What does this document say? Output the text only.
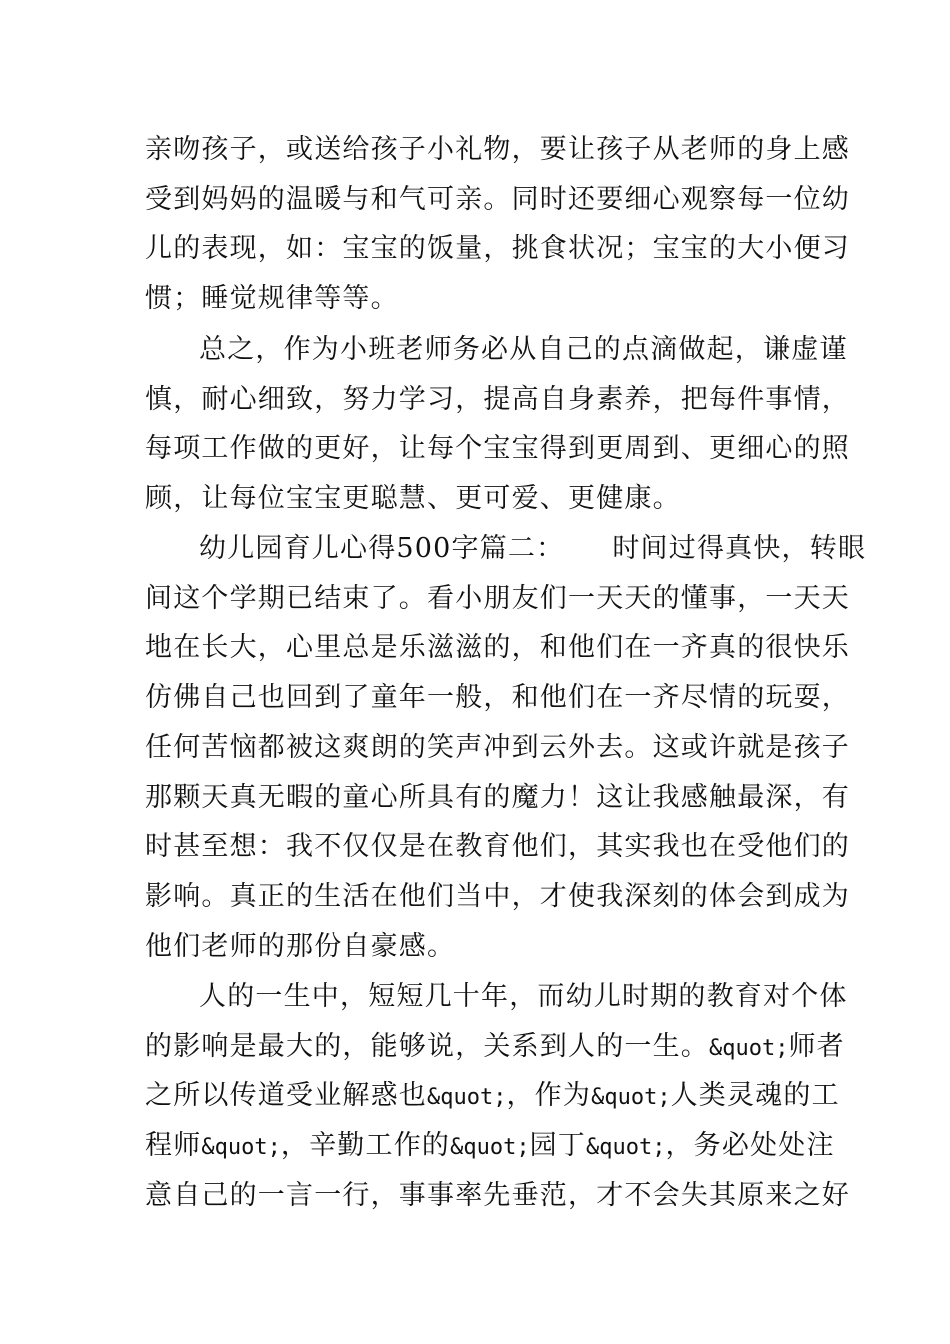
亲吻孩子，或送给孩子小礼物，要让孩子从老师的身上感
受到妈妈的温暖与和气可亲。同时还要细心观察每一位幼
儿的表现，如：宝宝的饭量，挑食状况；宝宝的大小便习
惯；睡觉规律等等。
总之，作为小班老师务必从自己的点滴做起，谦虚谨
慎，耐心细致，努力学习，提高自身素养，把每件事情，
每项工作做的更好，让每个宝宝得到更周到、更细心的照
顾，让每位宝宝更聪慧、更可爱、更健康。
幼儿园育儿心得500字篇二： 时间过得真快，转眼
间这个学期已结束了。看小朋友们一天天的懂事，一天天
地在长大，心里总是乐滋滋的，和他们在一齐真的很快乐
仿佛自己也回到了童年一般，和他们在一齐尽情的玩耍，
任何苦恼都被这爽朗的笑声冲到云外去。这或许就是孩子
那颗天真无暇的童心所具有的魔力！这让我感触最深，有
时甚至想：我不仅仅是在教育他们，其实我也在受他们的
影响。真正的生活在他们当中，才使我深刻的体会到成为
他们老师的那份自豪感。
人的一生中，短短几十年，而幼儿时期的教育对个体
的影响是最大的，能够说，关系到人的一生。&quot;师者
之所以传道受业解惑也&quot;，作为&quot;人类灵魂的工
程师&quot;，辛勤工作的&quot;园丁&quot;，务必处处注
意自己的一言一行，事事率先垂范，才不会失其原来之好
